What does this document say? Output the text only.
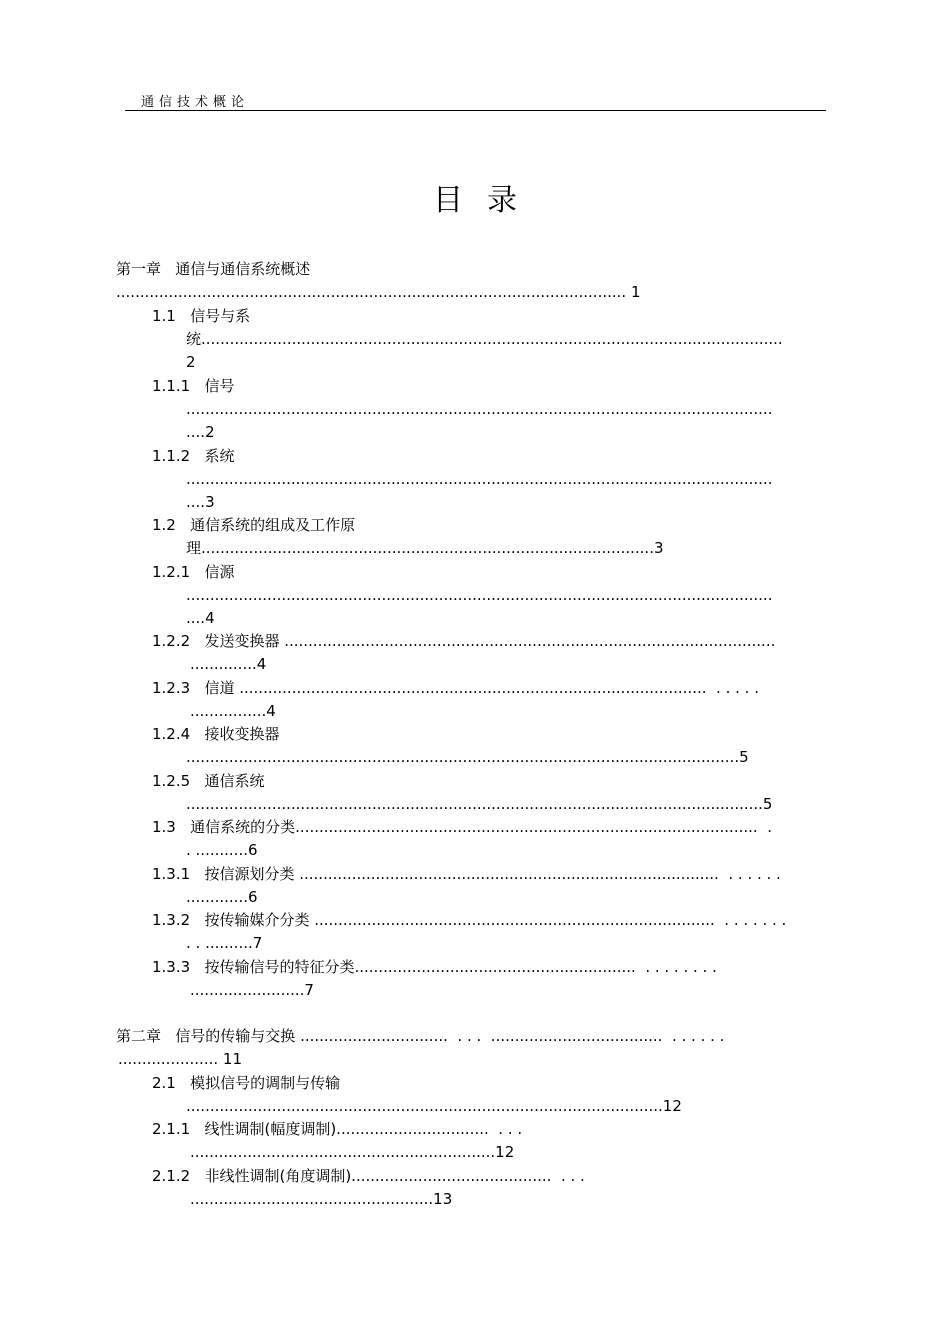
通信技术概论
目录
第一章   通信与通信系统概述
........................................................................................................... 1
1.1   信号与系
统..........................................................................................................................
2
1.1.1   信号
...........................................................................................................................
....2
1.1.2   系统
...........................................................................................................................
....3
1.2   通信系统的组成及工作原
理...............................................................................................3
1.2.1   信源
...........................................................................................................................
....4
1.2.2   发送变换器 .......................................................................................................
..............4
1.2.3   信道 ..................................................................................................  . . . . .
................4
1.2.4   接收变换器
....................................................................................................................5
1.2.5   通信系统
.........................................................................................................................5
1.3   通信系统的分类.................................................................................................  .
. ...........6
1.3.1   按信源划分类 ........................................................................................  . . . . . .
.............6
1.3.2   按传输媒介分类 ....................................................................................  . . . . . . .
. . ..........7
1.3.3   按传输信号的特征分类...........................................................  . . . . . . . .
........................7
第二章   信号的传输与交换 ...............................  . . .  ....................................  . . . . . .
..................... 11
2.1   模拟信号的调制与传输
....................................................................................................12
2.1.1   线性调制(幅度调制)................................  . . .
................................................................12
2.1.2   非线性调制(角度调制)..........................................  . . .
...................................................13
